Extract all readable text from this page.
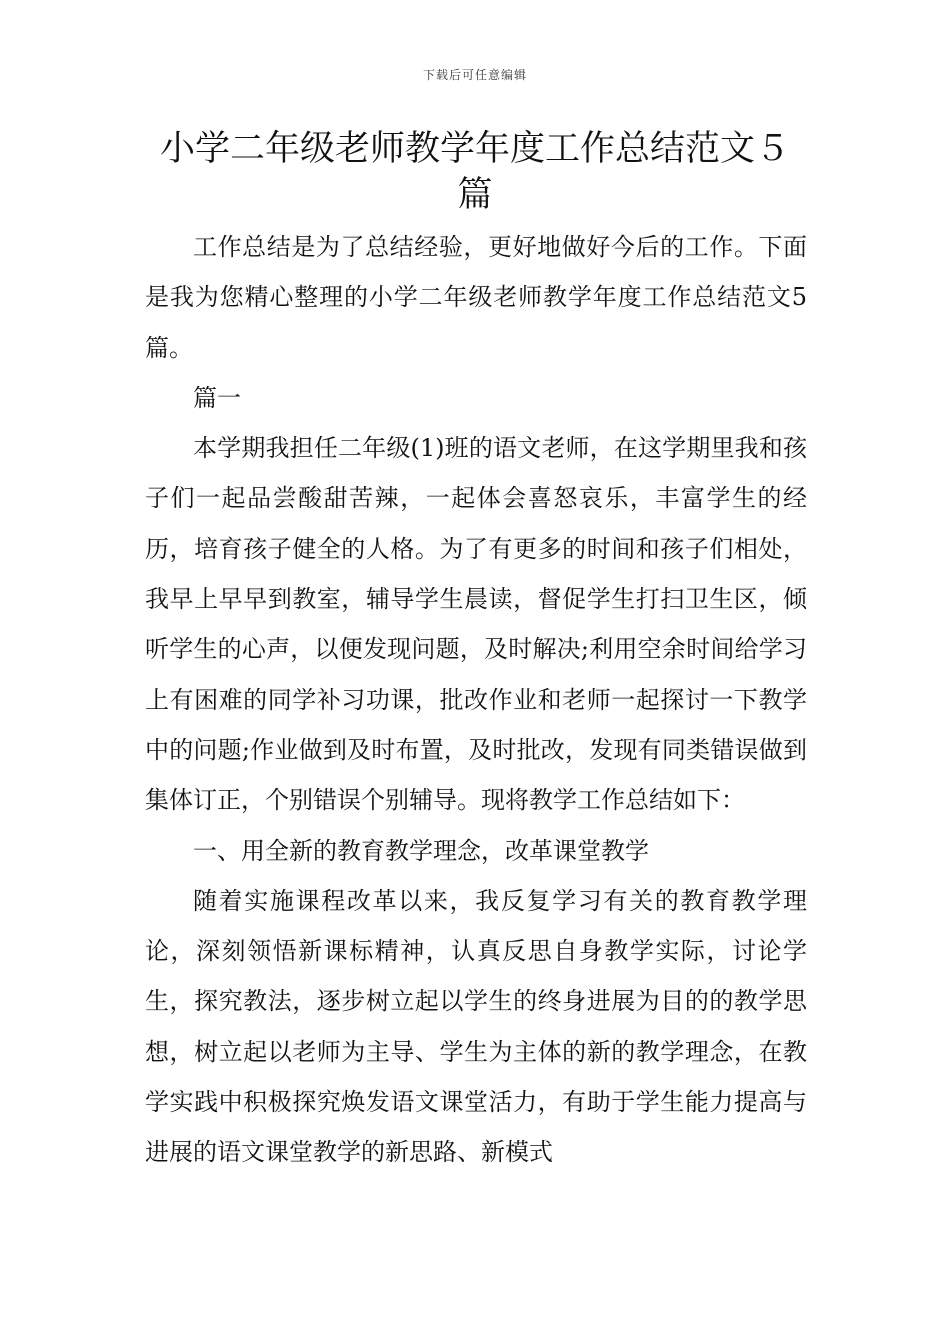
下载后可任意编辑
小学二年级老师教学年度工作总结范文５篇

工作总结是为了总结经验，更好地做好今后的工作。下面是我为您精心整理的小学二年级老师教学年度工作总结范文5篇。

篇一

本学期我担任二年级(1)班的语文老师，在这学期里我和孩子们一起品尝酸甜苦辣，一起体会喜怒哀乐，丰富学生的经历，培育孩子健全的人格。为了有更多的时间和孩子们相处，我早上早早到教室，辅导学生晨读，督促学生打扫卫生区，倾听学生的心声，以便发现问题，及时解决;利用空余时间给学习上有困难的同学补习功课，批改作业和老师一起探讨一下教学中的问题;作业做到及时布置，及时批改，发现有同类错误做到集体订正，个别错误个别辅导。现将教学工作总结如下：

一、用全新的教育教学理念，改革课堂教学

随着实施课程改革以来，我反复学习有关的教育教学理论，深刻领悟新课标精神，认真反思自身教学实际，讨论学生，探究教法，逐步树立起以学生的终身进展为目的的教学思想，树立起以老师为主导、学生为主体的新的教学理念，在教学实践中积极探究焕发语文课堂活力，有助于学生能力提高与进展的语文课堂教学的新思路、新模式
